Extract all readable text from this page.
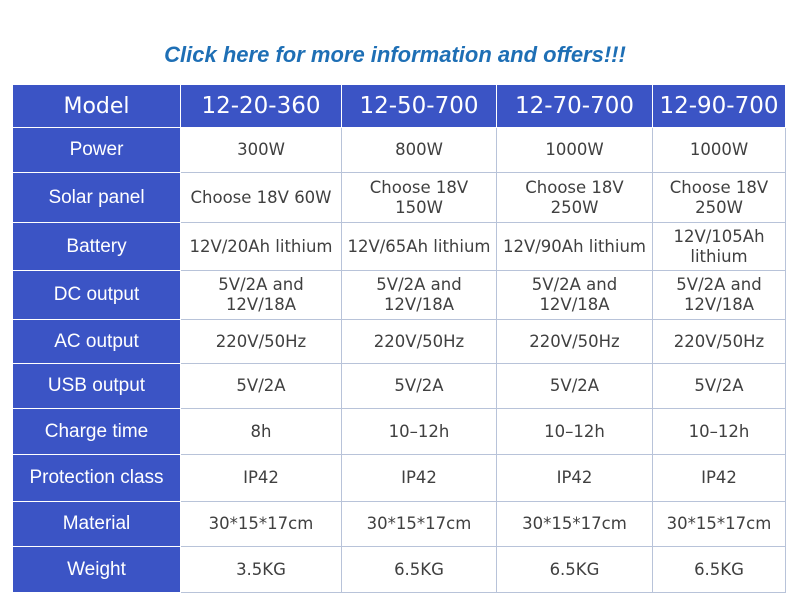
Click here for more information and offers!!!
Model	12-20-360	12-50-700	12-70-700	12-90-700
Power	300W	800W	1000W	1000W
Solar panel	Choose 18V 60W	Choose 18V 150W	Choose 18V 250W	Choose 18V 250W
Battery	12V/20Ah lithium	12V/65Ah lithium	12V/90Ah lithium	12V/105Ah lithium
DC output	5V/2A and 12V/18A	5V/2A and 12V/18A	5V/2A and 12V/18A	5V/2A and 12V/18A
AC output	220V/50Hz	220V/50Hz	220V/50Hz	220V/50Hz
USB output	5V/2A	5V/2A	5V/2A	5V/2A
Charge time	8h	10–12h	10–12h	10–12h
Protection class	IP42	IP42	IP42	IP42
Material	30*15*17cm	30*15*17cm	30*15*17cm	30*15*17cm
Weight	3.5KG	6.5KG	6.5KG	6.5KG
